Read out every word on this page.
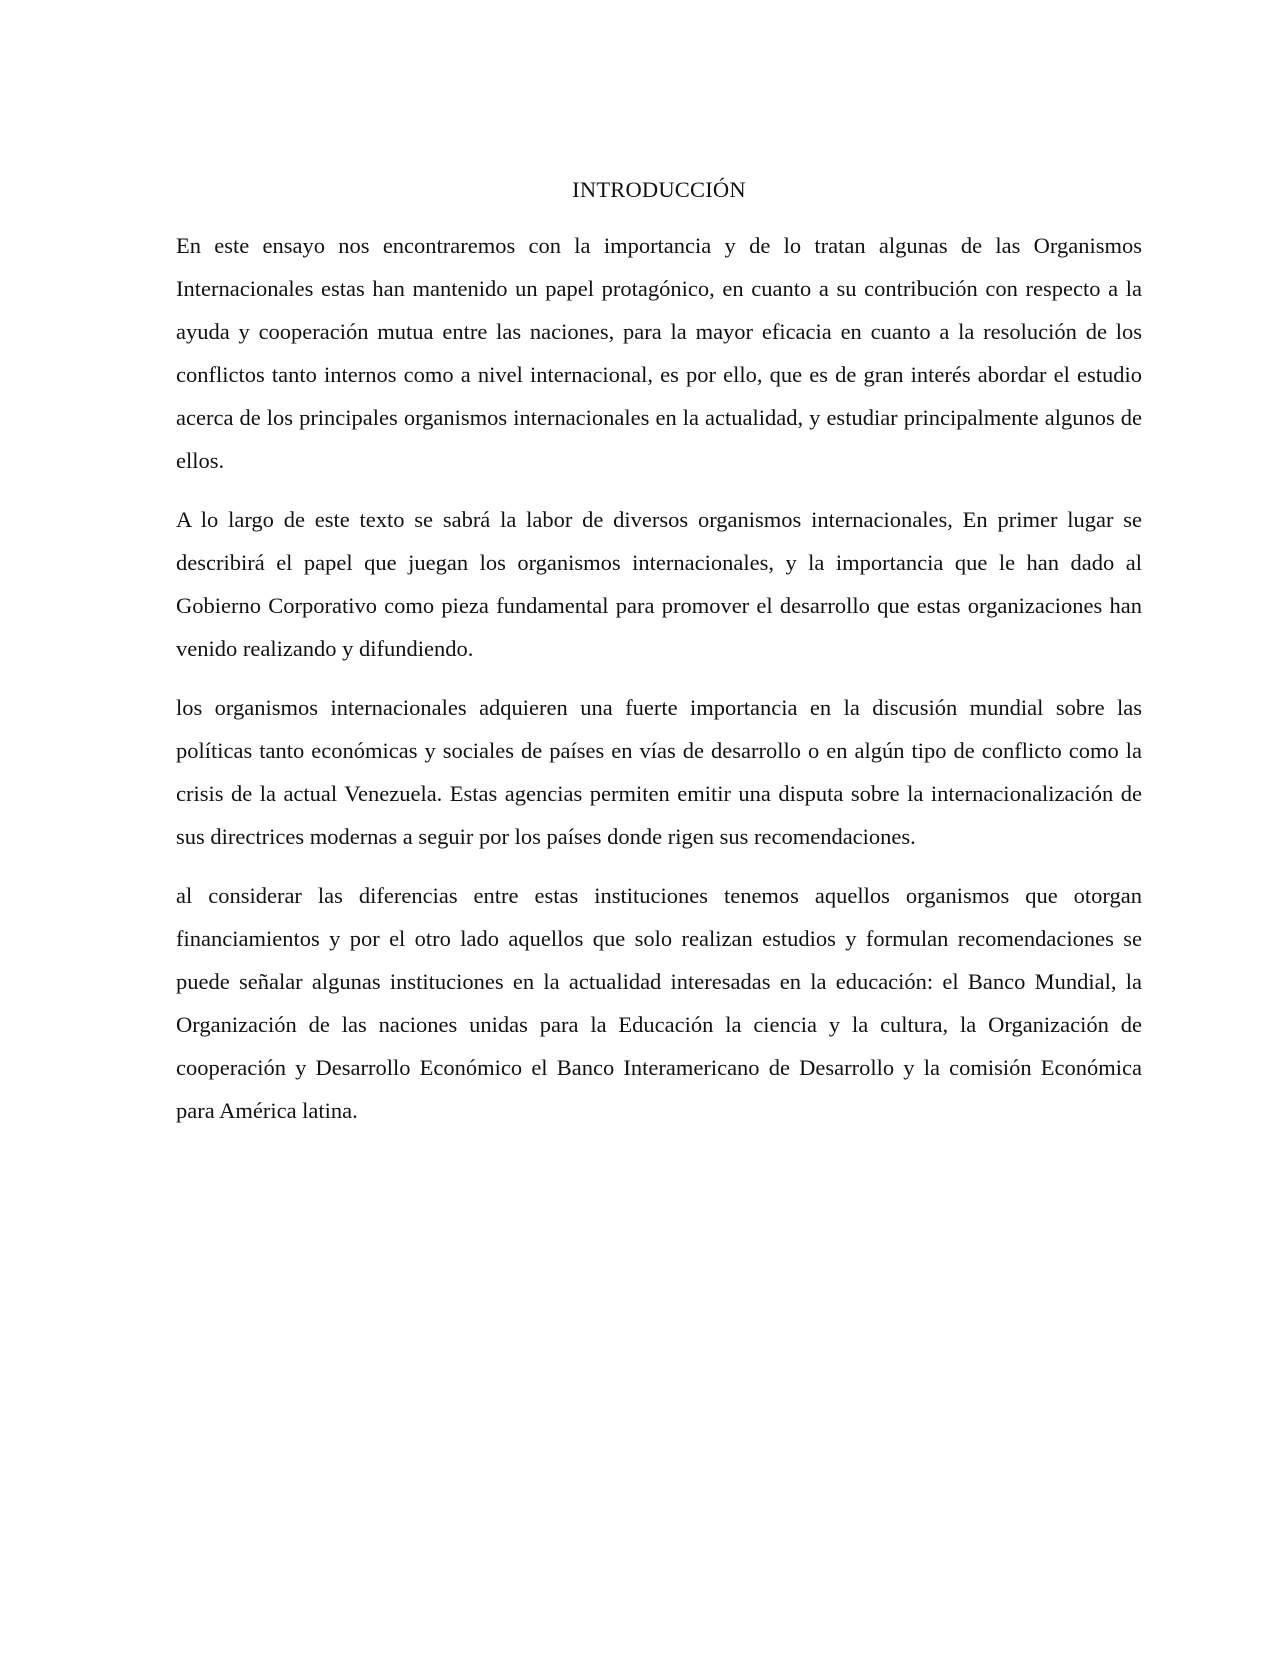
INTRODUCCIÓN

En este ensayo nos encontraremos con la importancia y de lo tratan algunas de las Organismos Internacionales estas han mantenido un papel protagónico, en cuanto a su contribución con respecto a la ayuda y cooperación mutua entre las naciones, para la mayor eficacia en cuanto a la resolución de los conflictos tanto internos como a nivel internacional, es por ello, que es de gran interés abordar el estudio acerca de los principales organismos internacionales en la actualidad, y estudiar principalmente algunos de ellos.

A lo largo de este texto se sabrá la labor de diversos organismos internacionales, En primer lugar se describirá el papel que juegan los organismos internacionales, y la importancia que le han dado al Gobierno Corporativo como pieza fundamental para promover el desarrollo que estas organizaciones han venido realizando y difundiendo.

los organismos internacionales adquieren una fuerte importancia en la discusión mundial sobre las políticas tanto económicas y sociales de países en vías de desarrollo o en algún tipo de conflicto como la crisis de la actual Venezuela. Estas agencias permiten emitir una disputa sobre la internacionalización de sus directrices modernas a seguir por los países donde rigen sus recomendaciones.

al considerar las diferencias entre estas instituciones tenemos aquellos organismos que otorgan financiamientos y por el otro lado aquellos que solo realizan estudios y formulan recomendaciones se puede señalar algunas instituciones en la actualidad interesadas en la educación: el Banco Mundial, la Organización de las naciones unidas para la Educación la ciencia y la cultura, la Organización de cooperación y Desarrollo Económico el Banco Interamericano de Desarrollo y la comisión Económica para América latina.
